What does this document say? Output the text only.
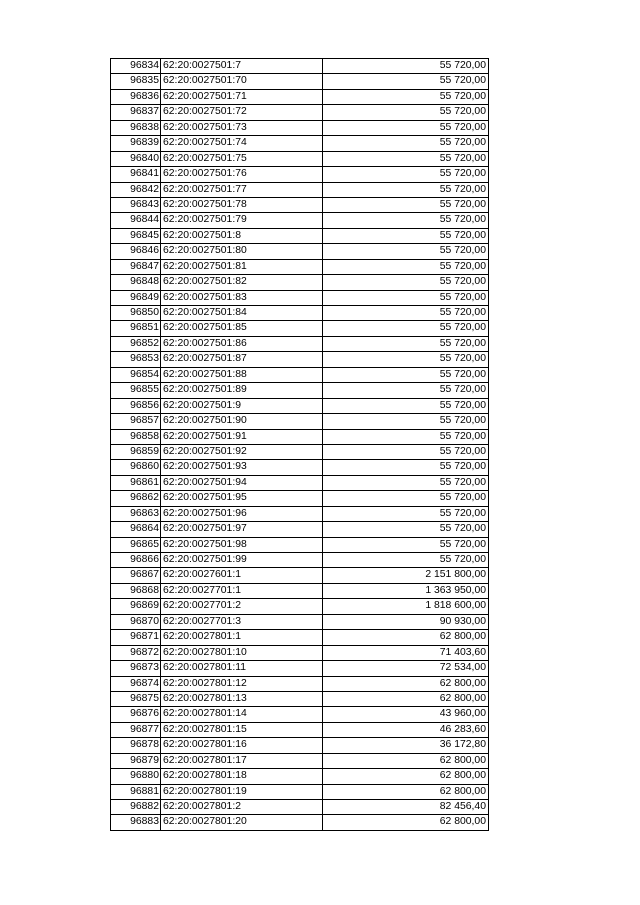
96834	62:20:0027501:7	55 720,00
96835	62:20:0027501:70	55 720,00
96836	62:20:0027501:71	55 720,00
96837	62:20:0027501:72	55 720,00
96838	62:20:0027501:73	55 720,00
96839	62:20:0027501:74	55 720,00
96840	62:20:0027501:75	55 720,00
96841	62:20:0027501:76	55 720,00
96842	62:20:0027501:77	55 720,00
96843	62:20:0027501:78	55 720,00
96844	62:20:0027501:79	55 720,00
96845	62:20:0027501:8	55 720,00
96846	62:20:0027501:80	55 720,00
96847	62:20:0027501:81	55 720,00
96848	62:20:0027501:82	55 720,00
96849	62:20:0027501:83	55 720,00
96850	62:20:0027501:84	55 720,00
96851	62:20:0027501:85	55 720,00
96852	62:20:0027501:86	55 720,00
96853	62:20:0027501:87	55 720,00
96854	62:20:0027501:88	55 720,00
96855	62:20:0027501:89	55 720,00
96856	62:20:0027501:9	55 720,00
96857	62:20:0027501:90	55 720,00
96858	62:20:0027501:91	55 720,00
96859	62:20:0027501:92	55 720,00
96860	62:20:0027501:93	55 720,00
96861	62:20:0027501:94	55 720,00
96862	62:20:0027501:95	55 720,00
96863	62:20:0027501:96	55 720,00
96864	62:20:0027501:97	55 720,00
96865	62:20:0027501:98	55 720,00
96866	62:20:0027501:99	55 720,00
96867	62:20:0027601:1	2 151 800,00
96868	62:20:0027701:1	1 363 950,00
96869	62:20:0027701:2	1 818 600,00
96870	62:20:0027701:3	90 930,00
96871	62:20:0027801:1	62 800,00
96872	62:20:0027801:10	71 403,60
96873	62:20:0027801:11	72 534,00
96874	62:20:0027801:12	62 800,00
96875	62:20:0027801:13	62 800,00
96876	62:20:0027801:14	43 960,00
96877	62:20:0027801:15	46 283,60
96878	62:20:0027801:16	36 172,80
96879	62:20:0027801:17	62 800,00
96880	62:20:0027801:18	62 800,00
96881	62:20:0027801:19	62 800,00
96882	62:20:0027801:2	82 456,40
96883	62:20:0027801:20	62 800,00
